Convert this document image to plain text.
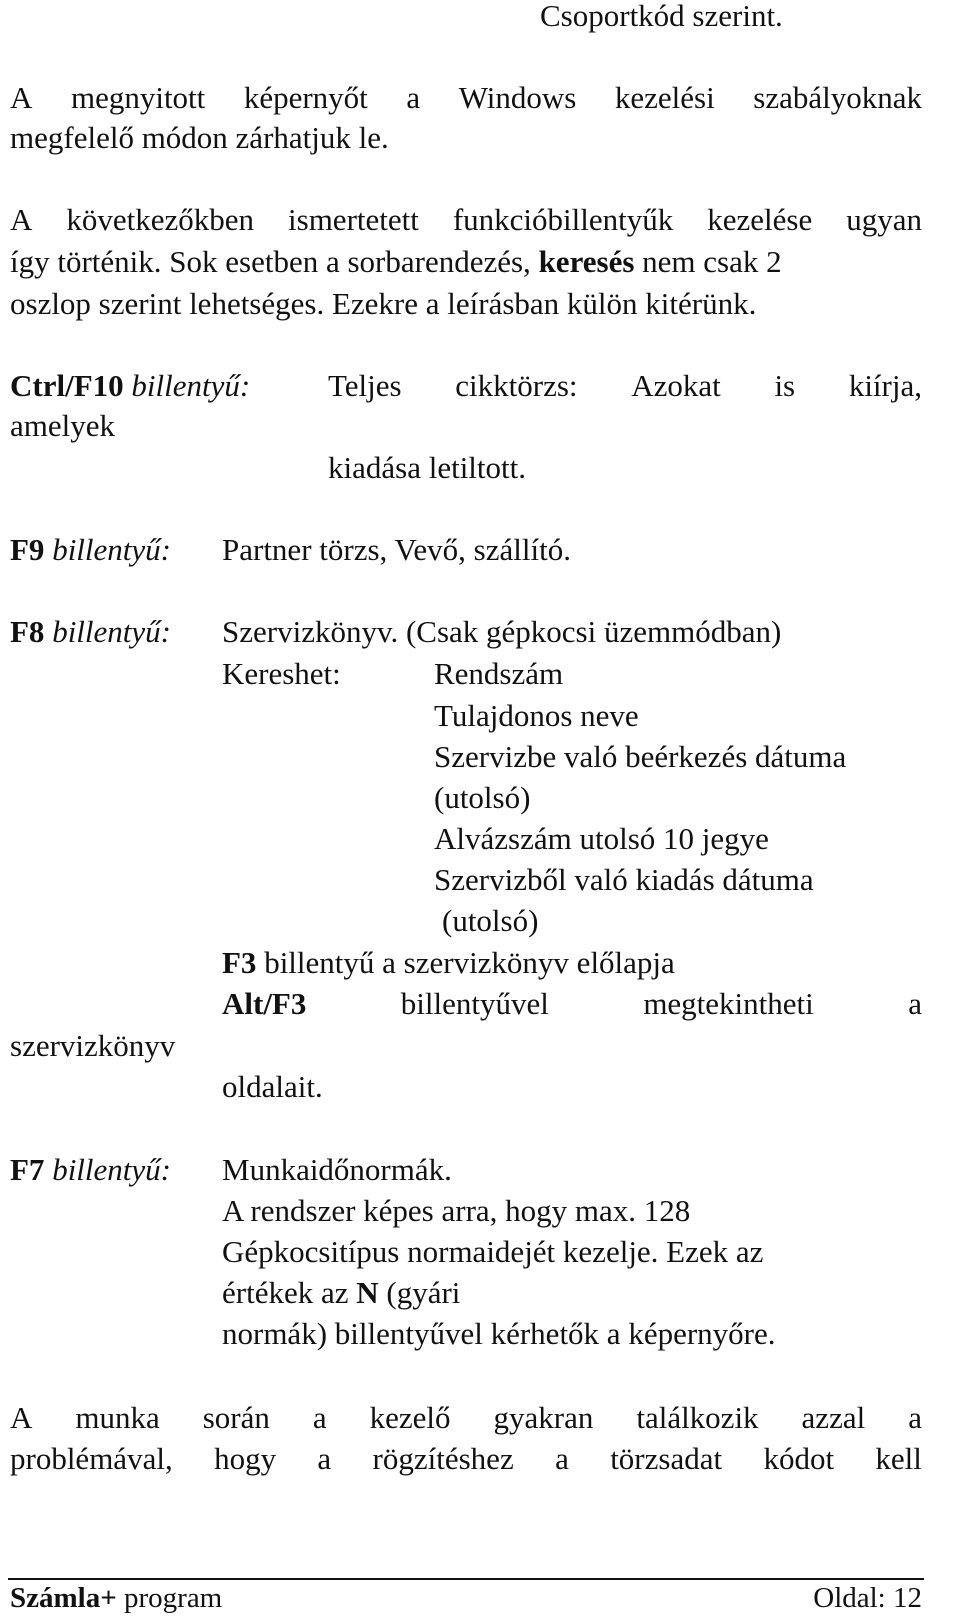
Csoportkód szerint.
A megnyitott képernyőt a Windows kezelési szabályoknak
megfelelő módon zárhatjuk le.
A következőkben ismertetett funkcióbillentyűk kezelése ugyan
így történik. Sok esetben a sorbarendezés, keresés nem csak 2
oszlop szerint lehetséges. Ezekre a leírásban külön kitérünk.
Ctrl/F10 billentyű:	Teljes cikktörzs: Azokat is kiírja,
amelyek
kiadása letiltott.
F9 billentyű: Partner törzs, Vevő, szállító.
F8 billentyű: Szervizkönyv. (Csak gépkocsi üzemmódban)
Kereshet:	Rendszám
Tulajdonos neve
Szervizbe való beérkezés dátuma
(utolsó)
Alvázszám utolsó 10 jegye
Szervizből való kiadás dátuma
(utolsó)
F3 billentyű a szervizkönyv előlapja
Alt/F3	billentyűvel	megtekintheti	a
szervizkönyv
oldalait.
F7 billentyű: Munkaidőnormák.
A rendszer képes arra, hogy max. 128
Gépkocsitípus normaidejét kezelje. Ezek az
értékek az N (gyári
normák) billentyűvel kérhetők a képernyőre.
A munka során a kezelő gyakran találkozik azzal a
problémával, hogy a rögzítéshez a törzsadat kódot kell
Számla+ program	Oldal: 12
